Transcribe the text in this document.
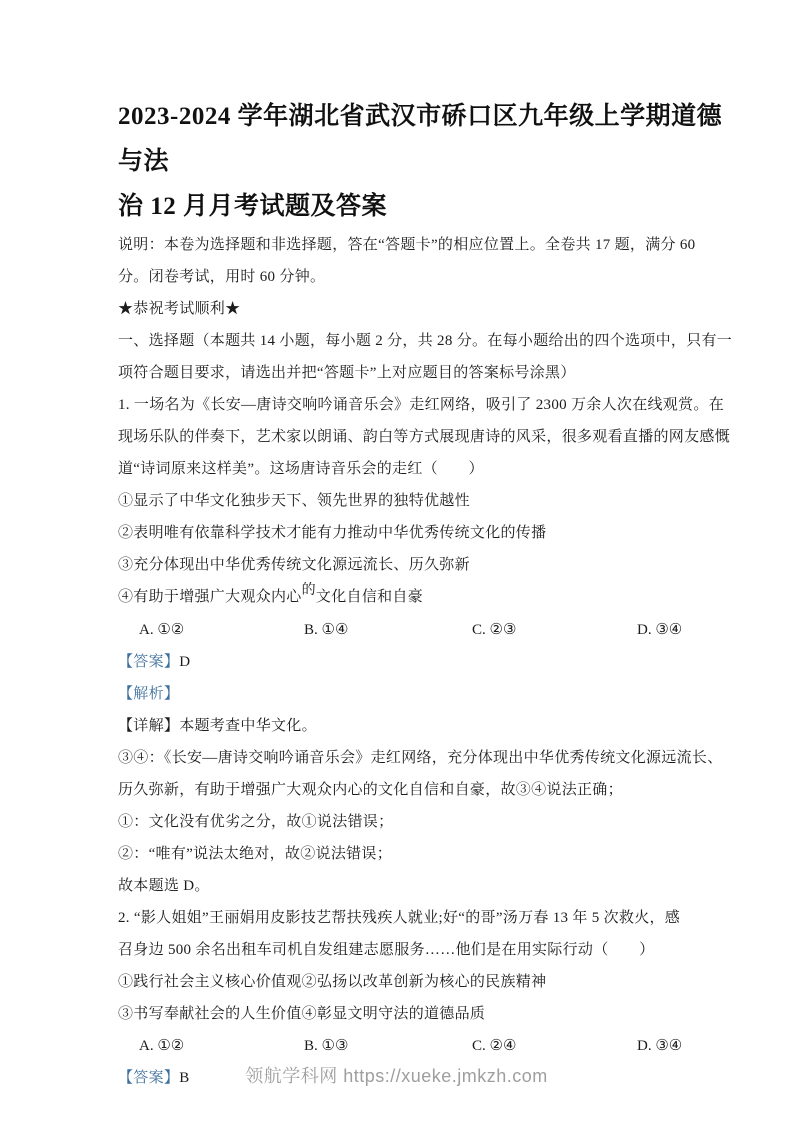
2023-2024 学年湖北省武汉市硚口区九年级上学期道德与法
治 12 月月考试题及答案

说明：本卷为选择题和非选择题，答在“答题卡”的相应位置上。全卷共 17 题，满分 60

分。闭卷考试，用时 60 分钟。

★恭祝考试顺利★

一、选择题（本题共 14 小题，每小题 2 分，共 28 分。在每小题给出的四个选项中，只有一

项符合题目要求，请选出并把“答题卡”上对应题目的答案标号涂黑）

1. 一场名为《长安—唐诗交响吟诵音乐会》走红网络，吸引了 2300 万余人次在线观赏。在

现场乐队的伴奏下，艺术家以朗诵、韵白等方式展现唐诗的风采，很多观看直播的网友感慨

道“诗词原来这样美”。这场唐诗音乐会的走红（　　）

①显示了中华文化独步天下、领先世界的独特优越性

②表明唯有依靠科学技术才能有力推动中华优秀传统文化的传播

③充分体现出中华优秀传统文化源远流长、历久弥新

④有助于增强广大观众内心的文化自信和自豪

A. ①②	B. ①④	C. ②③	D. ③④

【答案】D

【解析】

【详解】本题考查中华文化。

③④：《长安—唐诗交响吟诵音乐会》走红网络，充分体现出中华优秀传统文化源远流长、

历久弥新，有助于增强广大观众内心的文化自信和自豪，故③④说法正确；

①：文化没有优劣之分，故①说法错误；

②：“唯有”说法太绝对，故②说法错误；

故本题选 D。

2. “影人姐姐”王丽娟用皮影技艺帮扶残疾人就业;好“的哥”汤万春 13 年 5 次救火，感

召身边 500 余名出租车司机自发组建志愿服务……他们是在用实际行动（　　）

①践行社会主义核心价值观②弘扬以改革创新为核心的民族精神

③书写奉献社会的人生价值④彰显文明守法的道德品质

A. ①②	B. ①③	C. ②④	D. ③④

【答案】B	领航学科网 https://xueke.jmkzh.com
